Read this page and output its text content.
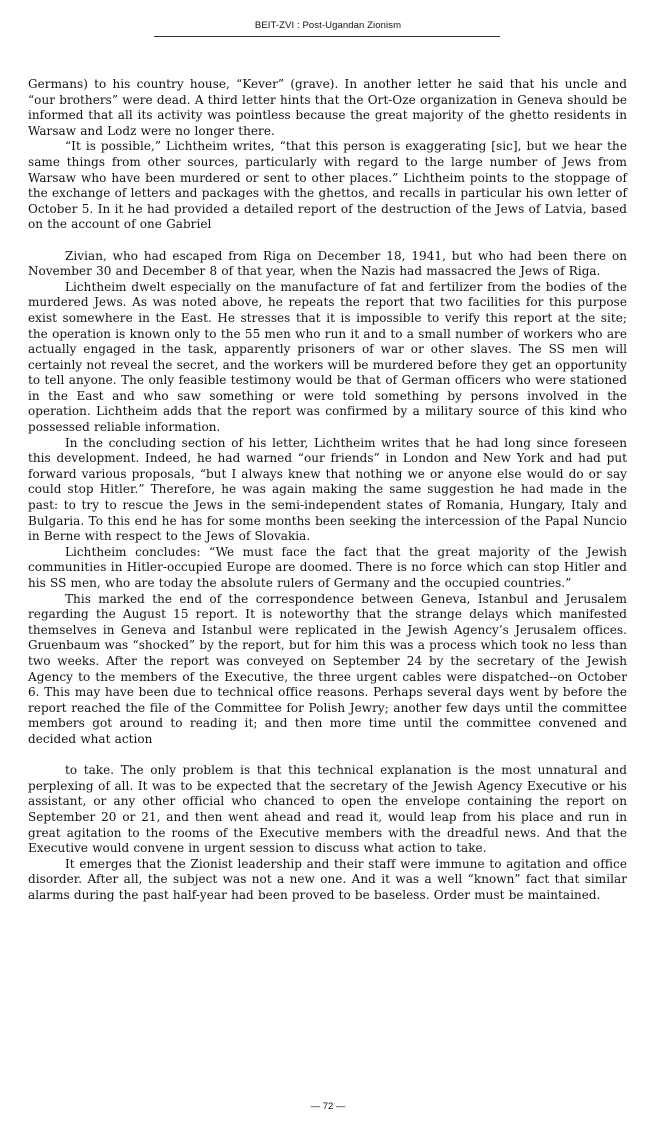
BEIT-ZVI : Post-Ugandan Zionism

Germans) to his country house, “Kever” (grave). In another letter he said that his uncle and “our brothers” were dead. A third letter hints that the Ort-Oze organization in Geneva should be informed that all its activity was pointless because the great majority of the ghetto residents in Warsaw and Lodz were no longer there.

“It is possible,” Lichtheim writes, “that this person is exaggerating [sic], but we hear the same things from other sources, particularly with regard to the large number of Jews from Warsaw who have been murdered or sent to other places.” Lichtheim points to the stoppage of the exchange of letters and packages with the ghettos, and recalls in particular his own letter of October 5. In it he had provided a detailed report of the destruction of the Jews of Latvia, based on the account of one Gabriel

Zivian, who had escaped from Riga on December 18, 1941, but who had been there on November 30 and December 8 of that year, when the Nazis had massacred the Jews of Riga.

Lichtheim dwelt especially on the manufacture of fat and fertilizer from the bodies of the murdered Jews. As was noted above, he repeats the report that two facilities for this purpose exist somewhere in the East. He stresses that it is impossible to verify this report at the site; the operation is known only to the 55 men who run it and to a small number of workers who are actually engaged in the task, apparently prisoners of war or other slaves. The SS men will certainly not reveal the secret, and the workers will be murdered before they get an opportunity to tell anyone. The only feasible testimony would be that of German officers who were stationed in the East and who saw something or were told something by persons involved in the operation. Lichtheim adds that the report was confirmed by a military source of this kind who possessed reliable information.

In the concluding section of his letter, Lichtheim writes that he had long since foreseen this development. Indeed, he had warned “our friends” in London and New York and had put forward various proposals, “but I always knew that nothing we or anyone else would do or say could stop Hitler.” Therefore, he was again making the same suggestion he had made in the past: to try to rescue the Jews in the semi-independent states of Romania, Hungary, Italy and Bulgaria. To this end he has for some months been seeking the intercession of the Papal Nuncio in Berne with respect to the Jews of Slovakia.

Lichtheim concludes: “We must face the fact that the great majority of the Jewish communities in Hitler-occupied Europe are doomed. There is no force which can stop Hitler and his SS men, who are today the absolute rulers of Germany and the occupied countries.”

This marked the end of the correspondence between Geneva, Istanbul and Jerusalem regarding the August 15 report. It is noteworthy that the strange delays which manifested themselves in Geneva and Istanbul were replicated in the Jewish Agency’s Jerusalem offices. Gruenbaum was “shocked” by the report, but for him this was a process which took no less than two weeks. After the report was conveyed on September 24 by the secretary of the Jewish Agency to the members of the Executive, the three urgent cables were dispatched--on October 6. This may have been due to technical office reasons. Perhaps several days went by before the report reached the file of the Committee for Polish Jewry; another few days until the committee members got around to reading it; and then more time until the committee convened and decided what action

to take. The only problem is that this technical explanation is the most unnatural and perplexing of all. It was to be expected that the secretary of the Jewish Agency Executive or his assistant, or any other official who chanced to open the envelope containing the report on September 20 or 21, and then went ahead and read it, would leap from his place and run in great agitation to the rooms of the Executive members with the dreadful news. And that the Executive would convene in urgent session to discuss what action to take.

It emerges that the Zionist leadership and their staff were immune to agitation and office disorder. After all, the subject was not a new one. And it was a well “known” fact that similar alarms during the past half-year had been proved to be baseless. Order must be maintained.

— 72 —
